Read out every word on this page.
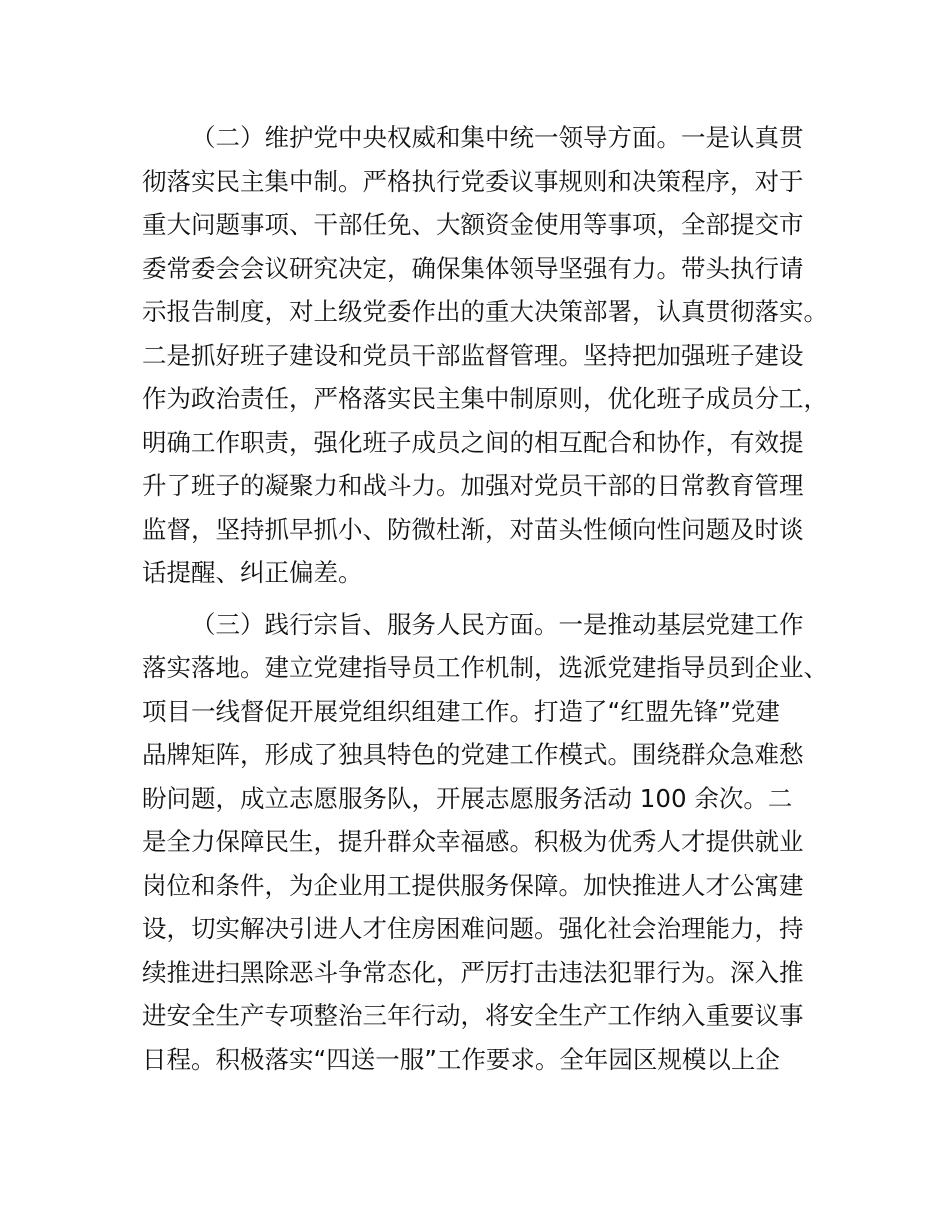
（二）维护党中央权威和集中统一领导方面。一是认真贯
彻落实民主集中制。严格执行党委议事规则和决策程序，对于
重大问题事项、干部任免、大额资金使用等事项，全部提交市
委常委会会议研究决定，确保集体领导坚强有力。带头执行请
示报告制度，对上级党委作出的重大决策部署，认真贯彻落实。
二是抓好班子建设和党员干部监督管理。坚持把加强班子建设
作为政治责任，严格落实民主集中制原则，优化班子成员分工，
明确工作职责，强化班子成员之间的相互配合和协作，有效提
升了班子的凝聚力和战斗力。加强对党员干部的日常教育管理
监督，坚持抓早抓小、防微杜渐，对苗头性倾向性问题及时谈
话提醒、纠正偏差。

（三）践行宗旨、服务人民方面。一是推动基层党建工作
落实落地。建立党建指导员工作机制，选派党建指导员到企业、
项目一线督促开展党组织组建工作。打造了“红盟先锋”党建
品牌矩阵，形成了独具特色的党建工作模式。围绕群众急难愁
盼问题，成立志愿服务队，开展志愿服务活动 100 余次。二
是全力保障民生，提升群众幸福感。积极为优秀人才提供就业
岗位和条件，为企业用工提供服务保障。加快推进人才公寓建
设，切实解决引进人才住房困难问题。强化社会治理能力，持
续推进扫黑除恶斗争常态化，严厉打击违法犯罪行为。深入推
进安全生产专项整治三年行动，将安全生产工作纳入重要议事
日程。积极落实“四送一服”工作要求。全年园区规模以上企
